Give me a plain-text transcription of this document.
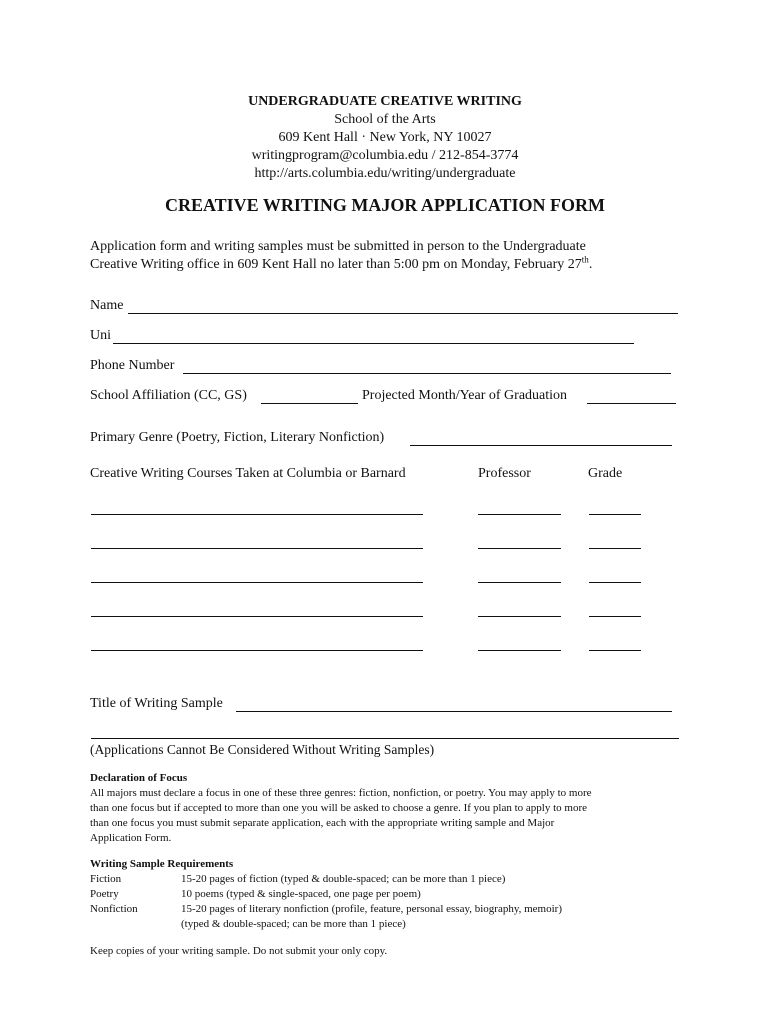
UNDERGRADUATE CREATIVE WRITING
School of the Arts
609 Kent Hall · New York, NY 10027
writingprogram@columbia.edu / 212-854-3774
http://arts.columbia.edu/writing/undergraduate
CREATIVE WRITING MAJOR APPLICATION FORM
Application form and writing samples must be submitted in person to the Undergraduate
Creative Writing office in 609 Kent Hall no later than 5:00 pm on Monday, February 27th.
Name
Uni
Phone Number
School Affiliation (CC, GS)	Projected Month/Year of Graduation
Primary Genre (Poetry, Fiction, Literary Nonfiction)
Creative Writing Courses Taken at Columbia or Barnard	Professor	Grade
Title of Writing Sample
(Applications Cannot Be Considered Without Writing Samples)
Declaration of Focus
All majors must declare a focus in one of these three genres: fiction, nonfiction, or poetry. You may apply to more
than one focus but if accepted to more than one you will be asked to choose a genre. If you plan to apply to more
than one focus you must submit separate application, each with the appropriate writing sample and Major
Application Form.
Writing Sample Requirements
Fiction	15-20 pages of fiction (typed & double-spaced; can be more than 1 piece)
Poetry	10 poems (typed & single-spaced, one page per poem)
Nonfiction	15-20 pages of literary nonfiction (profile, feature, personal essay, biography, memoir)
(typed & double-spaced; can be more than 1 piece)
Keep copies of your writing sample. Do not submit your only copy.
